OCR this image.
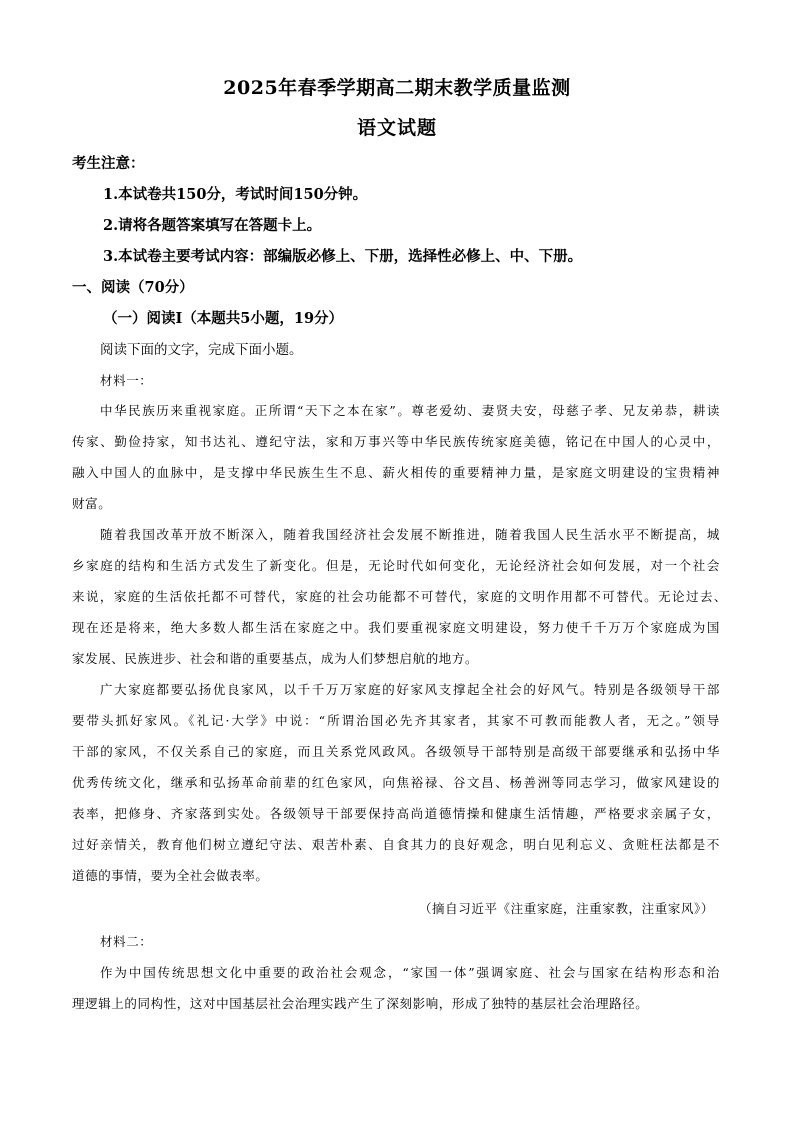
2025年春季学期高二期末教学质量监测
语文试题
考生注意：
1.本试卷共150分，考试时间150分钟。
2.请将各题答案填写在答题卡上。
3.本试卷主要考试内容：部编版必修上、下册，选择性必修上、中、下册。
一、阅读（70分）
（一）阅读Ⅰ（本题共5小题，19分）
阅读下面的文字，完成下面小题。
材料一：
中华民族历来重视家庭。正所谓“天下之本在家”。尊老爱幼、妻贤夫安，母慈子孝、兄友弟恭，耕读
传家、勤俭持家，知书达礼、遵纪守法，家和万事兴等中华民族传统家庭美德，铭记在中国人的心灵中，
融入中国人的血脉中，是支撑中华民族生生不息、薪火相传的重要精神力量，是家庭文明建设的宝贵精神
财富。
随着我国改革开放不断深入，随着我国经济社会发展不断推进，随着我国人民生活水平不断提高，城
乡家庭的结构和生活方式发生了新变化。但是，无论时代如何变化，无论经济社会如何发展，对一个社会
来说，家庭的生活依托都不可替代，家庭的社会功能都不可替代，家庭的文明作用都不可替代。无论过去、
现在还是将来，绝大多数人都生活在家庭之中。我们要重视家庭文明建设，努力使千千万万个家庭成为国
家发展、民族进步、社会和谐的重要基点，成为人们梦想启航的地方。
广大家庭都要弘扬优良家风，以千千万万家庭的好家风支撑起全社会的好风气。特别是各级领导干部
要带头抓好家风。《礼记·大学》中说：“所谓治国必先齐其家者，其家不可教而能教人者，无之。”领导
干部的家风，不仅关系自己的家庭，而且关系党风政风。各级领导干部特别是高级干部要继承和弘扬中华
优秀传统文化，继承和弘扬革命前辈的红色家风，向焦裕禄、谷文昌、杨善洲等同志学习，做家风建设的
表率，把修身、齐家落到实处。各级领导干部要保持高尚道德情操和健康生活情趣，严格要求亲属子女，
过好亲情关，教育他们树立遵纪守法、艰苦朴素、自食其力的良好观念，明白见利忘义、贪赃枉法都是不
道德的事情，要为全社会做表率。
（摘自习近平《注重家庭，注重家教，注重家风》）
材料二：
作为中国传统思想文化中重要的政治社会观念，“家国一体”强调家庭、社会与国家在结构形态和治
理逻辑上的同构性，这对中国基层社会治理实践产生了深刻影响，形成了独特的基层社会治理路径。
